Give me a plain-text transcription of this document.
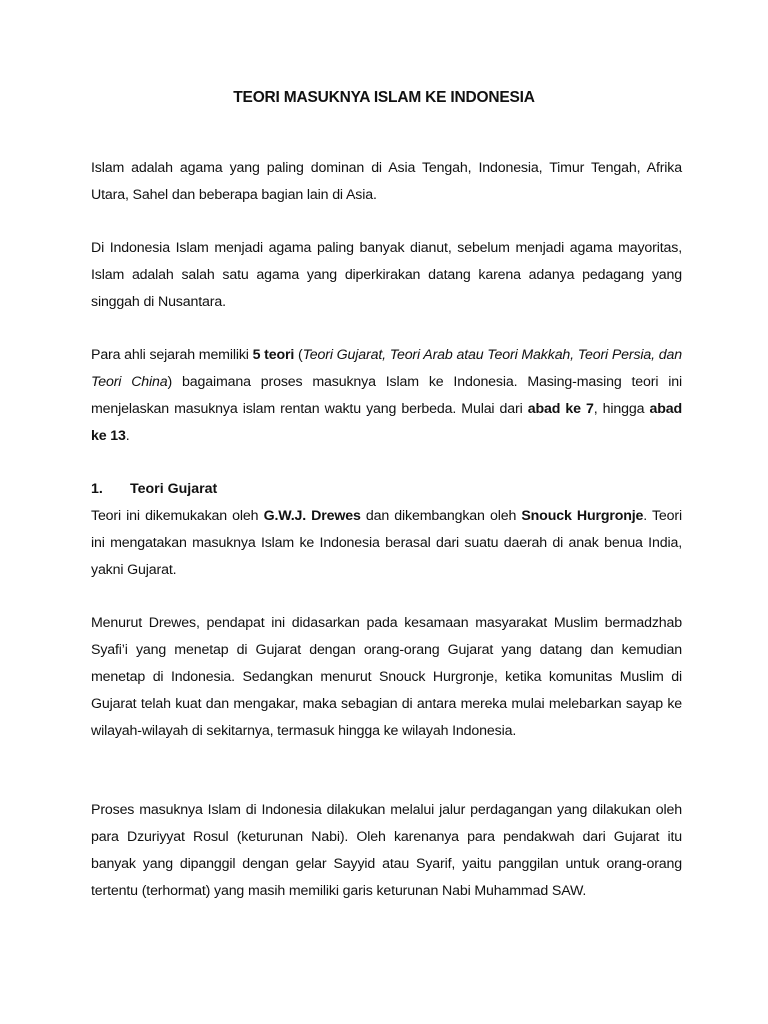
TEORI MASUKNYA ISLAM KE INDONESIA

Islam adalah agama yang paling dominan di Asia Tengah, Indonesia, Timur Tengah, Afrika Utara, Sahel dan beberapa bagian lain di Asia.

Di Indonesia Islam menjadi agama paling banyak dianut, sebelum menjadi agama mayoritas, Islam adalah salah satu agama yang diperkirakan datang karena adanya pedagang yang singgah di Nusantara.

Para ahli sejarah memiliki 5 teori (Teori Gujarat, Teori Arab atau Teori Makkah, Teori Persia, dan Teori China) bagaimana proses masuknya Islam ke Indonesia. Masing-masing teori ini menjelaskan masuknya islam rentan waktu yang berbeda. Mulai dari abad ke 7, hingga abad ke 13.

1. Teori Gujarat

Teori ini dikemukakan oleh G.W.J. Drewes dan dikembangkan oleh Snouck Hurgronje. Teori ini mengatakan masuknya Islam ke Indonesia berasal dari suatu daerah di anak benua India, yakni Gujarat.

Menurut Drewes, pendapat ini didasarkan pada kesamaan masyarakat Muslim bermadzhab Syafi’i yang menetap di Gujarat dengan orang-orang Gujarat yang datang dan kemudian menetap di Indonesia. Sedangkan menurut Snouck Hurgronje, ketika komunitas Muslim di Gujarat telah kuat dan mengakar, maka sebagian di antara mereka mulai melebarkan sayap ke wilayah-wilayah di sekitarnya, termasuk hingga ke wilayah Indonesia.

Proses masuknya Islam di Indonesia dilakukan melalui jalur perdagangan yang dilakukan oleh para Dzuriyyat Rosul (keturunan Nabi). Oleh karenanya para pendakwah dari Gujarat itu banyak yang dipanggil dengan gelar Sayyid atau Syarif, yaitu panggilan untuk orang-orang tertentu (terhormat) yang masih memiliki garis keturunan Nabi Muhammad SAW.
